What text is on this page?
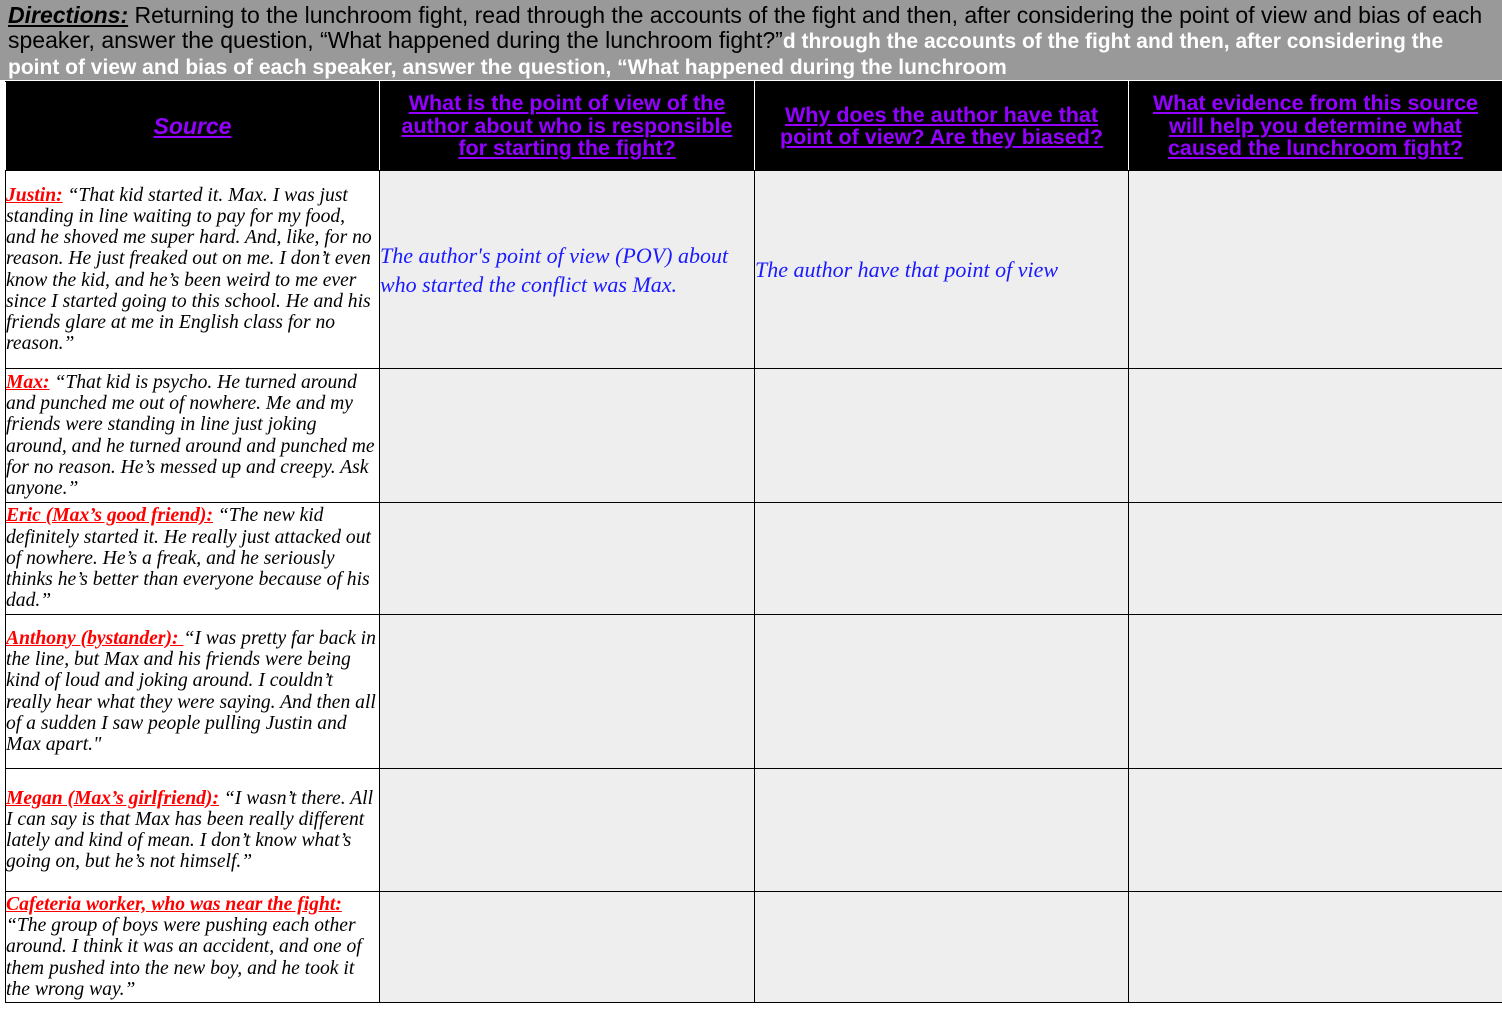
Directions: Returning to the lunchroom fight, read through the accounts of the fight and then, after considering the point of view and bias of each speaker, answer the question, “What happened during the lunchroom fight?”d through the accounts of the fight and then, after considering the point of view and bias of each speaker, answer the question, “What happened during the lunchroom
Source	What is the point of view of the author about who is responsible for starting the fight?	Why does the author have that point of view? Are they biased?	What evidence from this source will help you determine what caused the lunchroom fight?
Justin: “That kid started it. Max. I was just standing in line waiting to pay for my food, and he shoved me super hard. And, like, for no reason. He just freaked out on me. I don’t even know the kid, and he’s been weird to me ever since I started going to this school. He and his friends glare at me in English class for no reason.”	The author's point of view (POV) about who started the conflict was Max.	The author have that point of view	
Max: “That kid is psycho. He turned around and punched me out of nowhere. Me and my friends were standing in line just joking around, and he turned around and punched me for no reason. He’s messed up and creepy. Ask anyone.”			
Eric (Max’s good friend): “The new kid definitely started it. He really just attacked out of nowhere. He’s a freak, and he seriously thinks he’s better than everyone because of his dad.”			
Anthony (bystander): “I was pretty far back in the line, but Max and his friends were being kind of loud and joking around. I couldn’t really hear what they were saying. And then all of a sudden I saw people pulling Justin and Max apart."			
Megan (Max’s girlfriend): “I wasn’t there. All I can say is that Max has been really different lately and kind of mean. I don’t know what’s going on, but he’s not himself.”			
Cafeteria worker, who was near the fight: “The group of boys were pushing each other around. I think it was an accident, and one of them pushed into the new boy, and he took it the wrong way.”			
